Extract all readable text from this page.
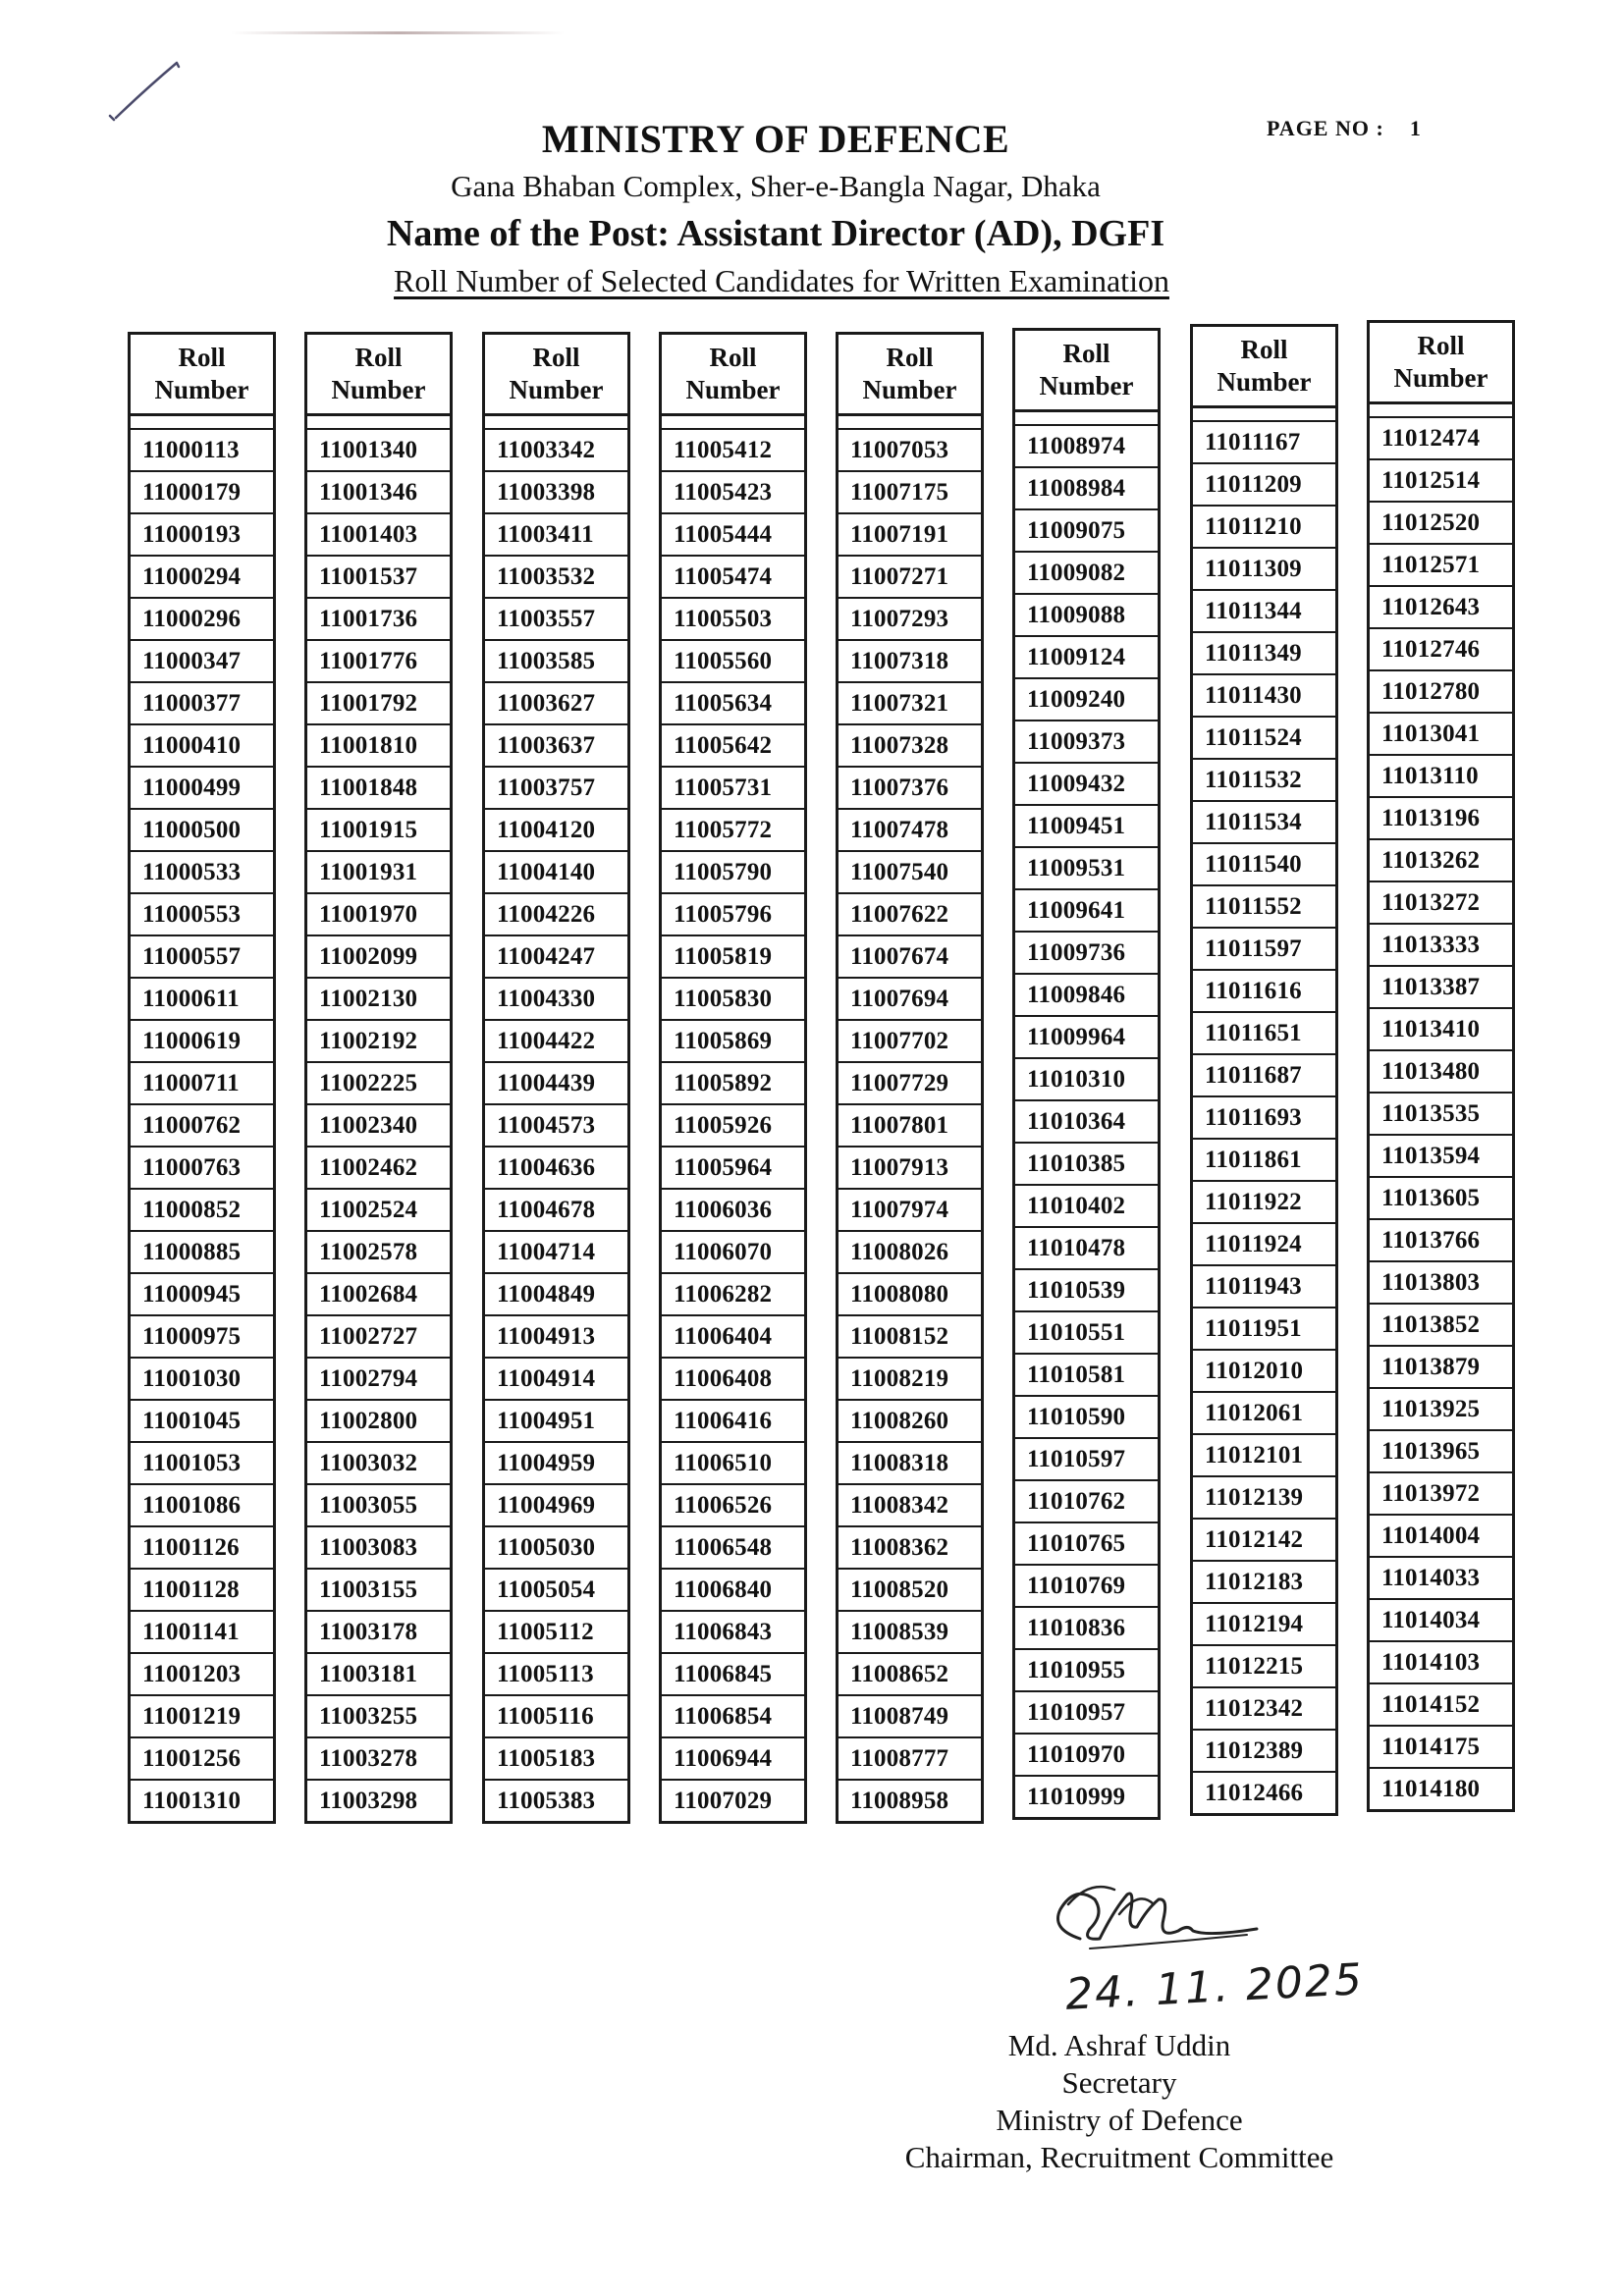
MINISTRY OF DEFENCE
Gana Bhaban Complex, Sher-e-Bangla Nagar, Dhaka
Name of the Post: Assistant Director (AD), DGFI
Roll Number of Selected Candidates for Written Examination
PAGE NO : 1
Roll
Number

11000113
11000179
11000193
11000294
11000296
11000347
11000377
11000410
11000499
11000500
11000533
11000553
11000557
11000611
11000619
11000711
11000762
11000763
11000852
11000885
11000945
11000975
11001030
11001045
11001053
11001086
11001126
11001128
11001141
11001203
11001219
11001256
11001310
Roll
Number

11001340
11001346
11001403
11001537
11001736
11001776
11001792
11001810
11001848
11001915
11001931
11001970
11002099
11002130
11002192
11002225
11002340
11002462
11002524
11002578
11002684
11002727
11002794
11002800
11003032
11003055
11003083
11003155
11003178
11003181
11003255
11003278
11003298
Roll
Number

11003342
11003398
11003411
11003532
11003557
11003585
11003627
11003637
11003757
11004120
11004140
11004226
11004247
11004330
11004422
11004439
11004573
11004636
11004678
11004714
11004849
11004913
11004914
11004951
11004959
11004969
11005030
11005054
11005112
11005113
11005116
11005183
11005383
Roll
Number

11005412
11005423
11005444
11005474
11005503
11005560
11005634
11005642
11005731
11005772
11005790
11005796
11005819
11005830
11005869
11005892
11005926
11005964
11006036
11006070
11006282
11006404
11006408
11006416
11006510
11006526
11006548
11006840
11006843
11006845
11006854
11006944
11007029
Roll
Number

11007053
11007175
11007191
11007271
11007293
11007318
11007321
11007328
11007376
11007478
11007540
11007622
11007674
11007694
11007702
11007729
11007801
11007913
11007974
11008026
11008080
11008152
11008219
11008260
11008318
11008342
11008362
11008520
11008539
11008652
11008749
11008777
11008958
Roll
Number

11008974
11008984
11009075
11009082
11009088
11009124
11009240
11009373
11009432
11009451
11009531
11009641
11009736
11009846
11009964
11010310
11010364
11010385
11010402
11010478
11010539
11010551
11010581
11010590
11010597
11010762
11010765
11010769
11010836
11010955
11010957
11010970
11010999
Roll
Number

11011167
11011209
11011210
11011309
11011344
11011349
11011430
11011524
11011532
11011534
11011540
11011552
11011597
11011616
11011651
11011687
11011693
11011861
11011922
11011924
11011943
11011951
11012010
11012061
11012101
11012139
11012142
11012183
11012194
11012215
11012342
11012389
11012466
Roll
Number

11012474
11012514
11012520
11012571
11012643
11012746
11012780
11013041
11013110
11013196
11013262
11013272
11013333
11013387
11013410
11013480
11013535
11013594
11013605
11013766
11013803
11013852
11013879
11013925
11013965
11013972
11014004
11014033
11014034
11014103
11014152
11014175
11014180
24. 11. 2025
Md. Ashraf Uddin
Secretary
Ministry of Defence
Chairman, Recruitment Committee
